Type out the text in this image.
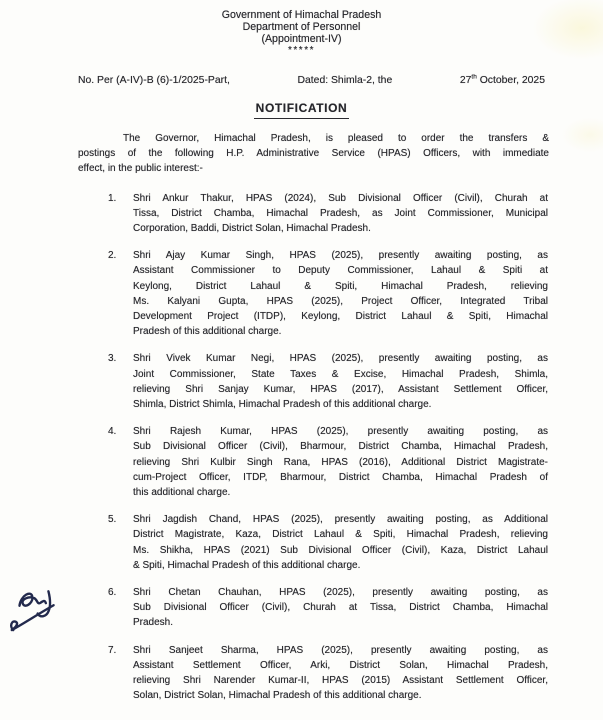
Government of Himachal Pradesh
Department of Personnel
(Appointment-IV)
*****
No. Per (A-IV)-B (6)-1/2025-Part,	Dated: Shimla-2, the	27th October, 2025
NOTIFICATION
The Governor, Himachal Pradesh, is pleased to order the transfers &
postings of the following H.P. Administrative Service (HPAS) Officers, with immediate
effect, in the public interest:-
1. Shri Ankur Thakur, HPAS (2024), Sub Divisional Officer (Civil), Churah at
Tissa, District Chamba, Himachal Pradesh, as Joint Commissioner, Municipal
Corporation, Baddi, District Solan, Himachal Pradesh.
2. Shri Ajay Kumar Singh, HPAS (2025), presently awaiting posting, as
Assistant Commissioner to Deputy Commissioner, Lahaul & Spiti at
Keylong, District Lahaul & Spiti, Himachal Pradesh, relieving
Ms. Kalyani Gupta, HPAS (2025), Project Officer, Integrated Tribal
Development Project (ITDP), Keylong, District Lahaul & Spiti, Himachal
Pradesh of this additional charge.
3. Shri Vivek Kumar Negi, HPAS (2025), presently awaiting posting, as
Joint Commissioner, State Taxes & Excise, Himachal Pradesh, Shimla,
relieving Shri Sanjay Kumar, HPAS (2017), Assistant Settlement Officer,
Shimla, District Shimla, Himachal Pradesh of this additional charge.
4. Shri Rajesh Kumar, HPAS (2025), presently awaiting posting, as
Sub Divisional Officer (Civil), Bharmour, District Chamba, Himachal Pradesh,
relieving Shri Kulbir Singh Rana, HPAS (2016), Additional District Magistrate-
cum-Project Officer, ITDP, Bharmour, District Chamba, Himachal Pradesh of
this additional charge.
5. Shri Jagdish Chand, HPAS (2025), presently awaiting posting, as Additional
District Magistrate, Kaza, District Lahaul & Spiti, Himachal Pradesh, relieving
Ms. Shikha, HPAS (2021) Sub Divisional Officer (Civil), Kaza, District Lahaul
& Spiti, Himachal Pradesh of this additional charge.
6. Shri Chetan Chauhan, HPAS (2025), presently awaiting posting, as
Sub Divisional Officer (Civil), Churah at Tissa, District Chamba, Himachal
Pradesh.
7. Shri Sanjeet Sharma, HPAS (2025), presently awaiting posting, as
Assistant Settlement Officer, Arki, District Solan, Himachal Pradesh,
relieving Shri Narender Kumar-II, HPAS (2015) Assistant Settlement Officer,
Solan, District Solan, Himachal Pradesh of this additional charge.
